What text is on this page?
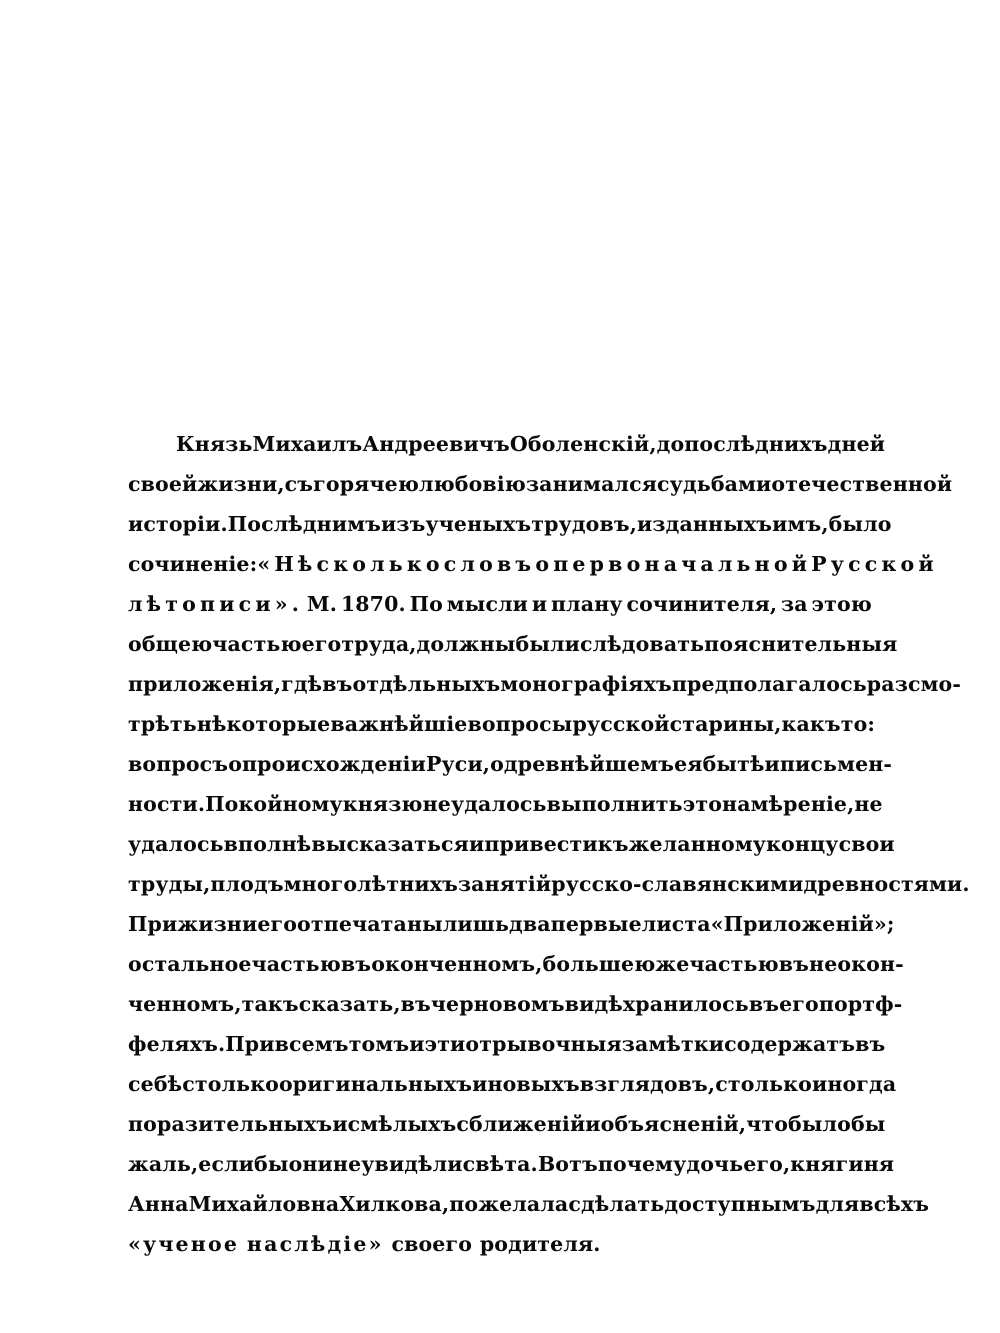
Князь Михаилъ Андреевичъ Оболенскій, до послѣднихъ дней
своей жизни, съ горячею любовію занимался судьбами отечественной
исторіи. Послѣднимъ изъ ученыхъ трудовъ, изданныхъ имъ, было
сочиненіе: «Нѣсколько словъ о первоначальной Русской
лѣтописи». М. 1870. По мысли и плану сочинителя, за этою
общею частью его труда, должны были слѣдовать пояснительныя
приложенія, гдѣ въ отдѣльныхъ монографіяхъ предполагалось разсмо-
трѣть нѣкоторые важнѣйшіе вопросы русской старины, какъ то:
вопросъ о происхожденіи Руси, о древнѣйшемъ ея бытѣ и письмен-
ности. Покойному князю не удалось выполнить это намѣреніе, не
удалось вполнѣ высказаться и привести къ желанному концу свои
труды, плодъ многолѣтнихъ занятій русско-славянскими древностями.
При жизни его отпечатаны лишь два первые листа «Приложеній»;
остальное частью въ оконченномъ, большею же частью въ неокон-
ченномъ, такъ сказать, въ черновомъ видѣ хранилось въ его портф-
феляхъ. При всемъ томъ и эти отрывочныя замѣтки содержатъ въ
себѣ столько оригинальныхъ и новыхъ взглядовъ, столько иногда
поразительныхъ и смѣлыхъ сближеній и объясненій, что было бы
жаль, если бы они не увидѣли свѣта. Вотъ почему дочь его, княгиня
Анна Михайловна Хилкова, пожелала сдѣлать доступнымъ для всѣхъ
«ученое наслѣдіе» своего родителя.
